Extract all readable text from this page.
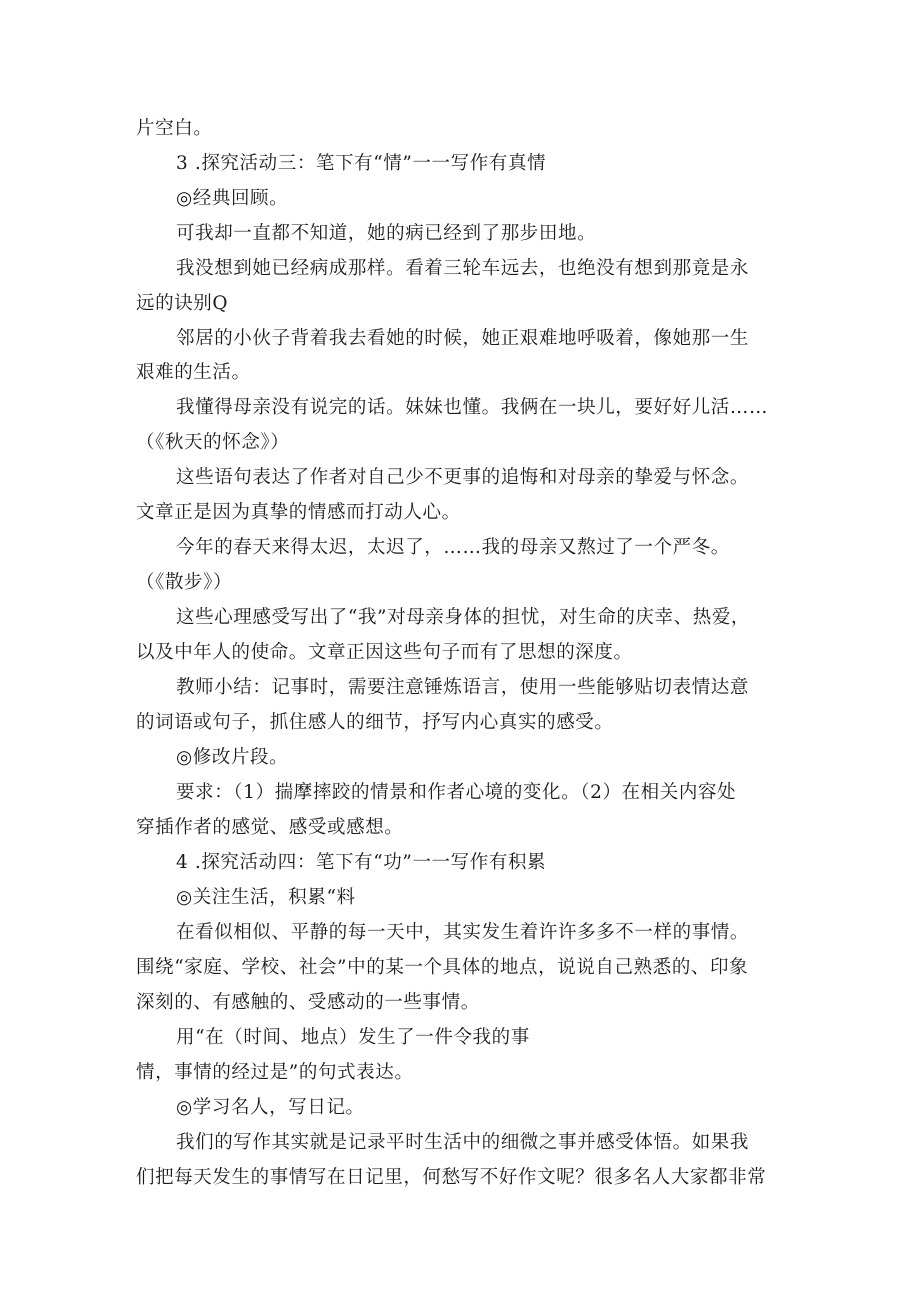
片空白。

3 .探究活动三：笔下有“情”一一写作有真情

◎经典回顾。

可我却一直都不知道，她的病已经到了那步田地。

我没想到她已经病成那样。看着三轮车远去，也绝没有想到那竟是永

远的诀别Q

邻居的小伙子背着我去看她的时候，她正艰难地呼吸着，像她那一生

艰难的生活。

我懂得母亲没有说完的话。妹妹也懂。我俩在一块儿，要好好儿活……

（《秋天的怀念》）

这些语句表达了作者对自己少不更事的追悔和对母亲的挚爱与怀念。

文章正是因为真挚的情感而打动人心。

今年的春天来得太迟，太迟了，……我的母亲又熬过了一个严冬。

（《散步》）

这些心理感受写出了“我”对母亲身体的担忧，对生命的庆幸、热爱，

以及中年人的使命。文章正因这些句子而有了思想的深度。

教师小结：记事时，需要注意锤炼语言，使用一些能够贴切表情达意

的词语或句子，抓住感人的细节，抒写内心真实的感受。

◎修改片段。

要求：（1）揣摩摔跤的情景和作者心境的变化。（2）在相关内容处

穿插作者的感觉、感受或感想。

4 .探究活动四：笔下有“功”一一写作有积累

◎关注生活，积累“料

在看似相似、平静的每一天中，其实发生着许许多多不一样的事情。

围绕“家庭、学校、社会”中的某一个具体的地点，说说自己熟悉的、印象

深刻的、有感触的、受感动的一些事情。

用“在（时间、地点）发生了一件令我的事

情，事情的经过是”的句式表达。

◎学习名人，写日记。

我们的写作其实就是记录平时生活中的细微之事并感受体悟。如果我

们把每天发生的事情写在日记里，何愁写不好作文呢？很多名人大家都非常
